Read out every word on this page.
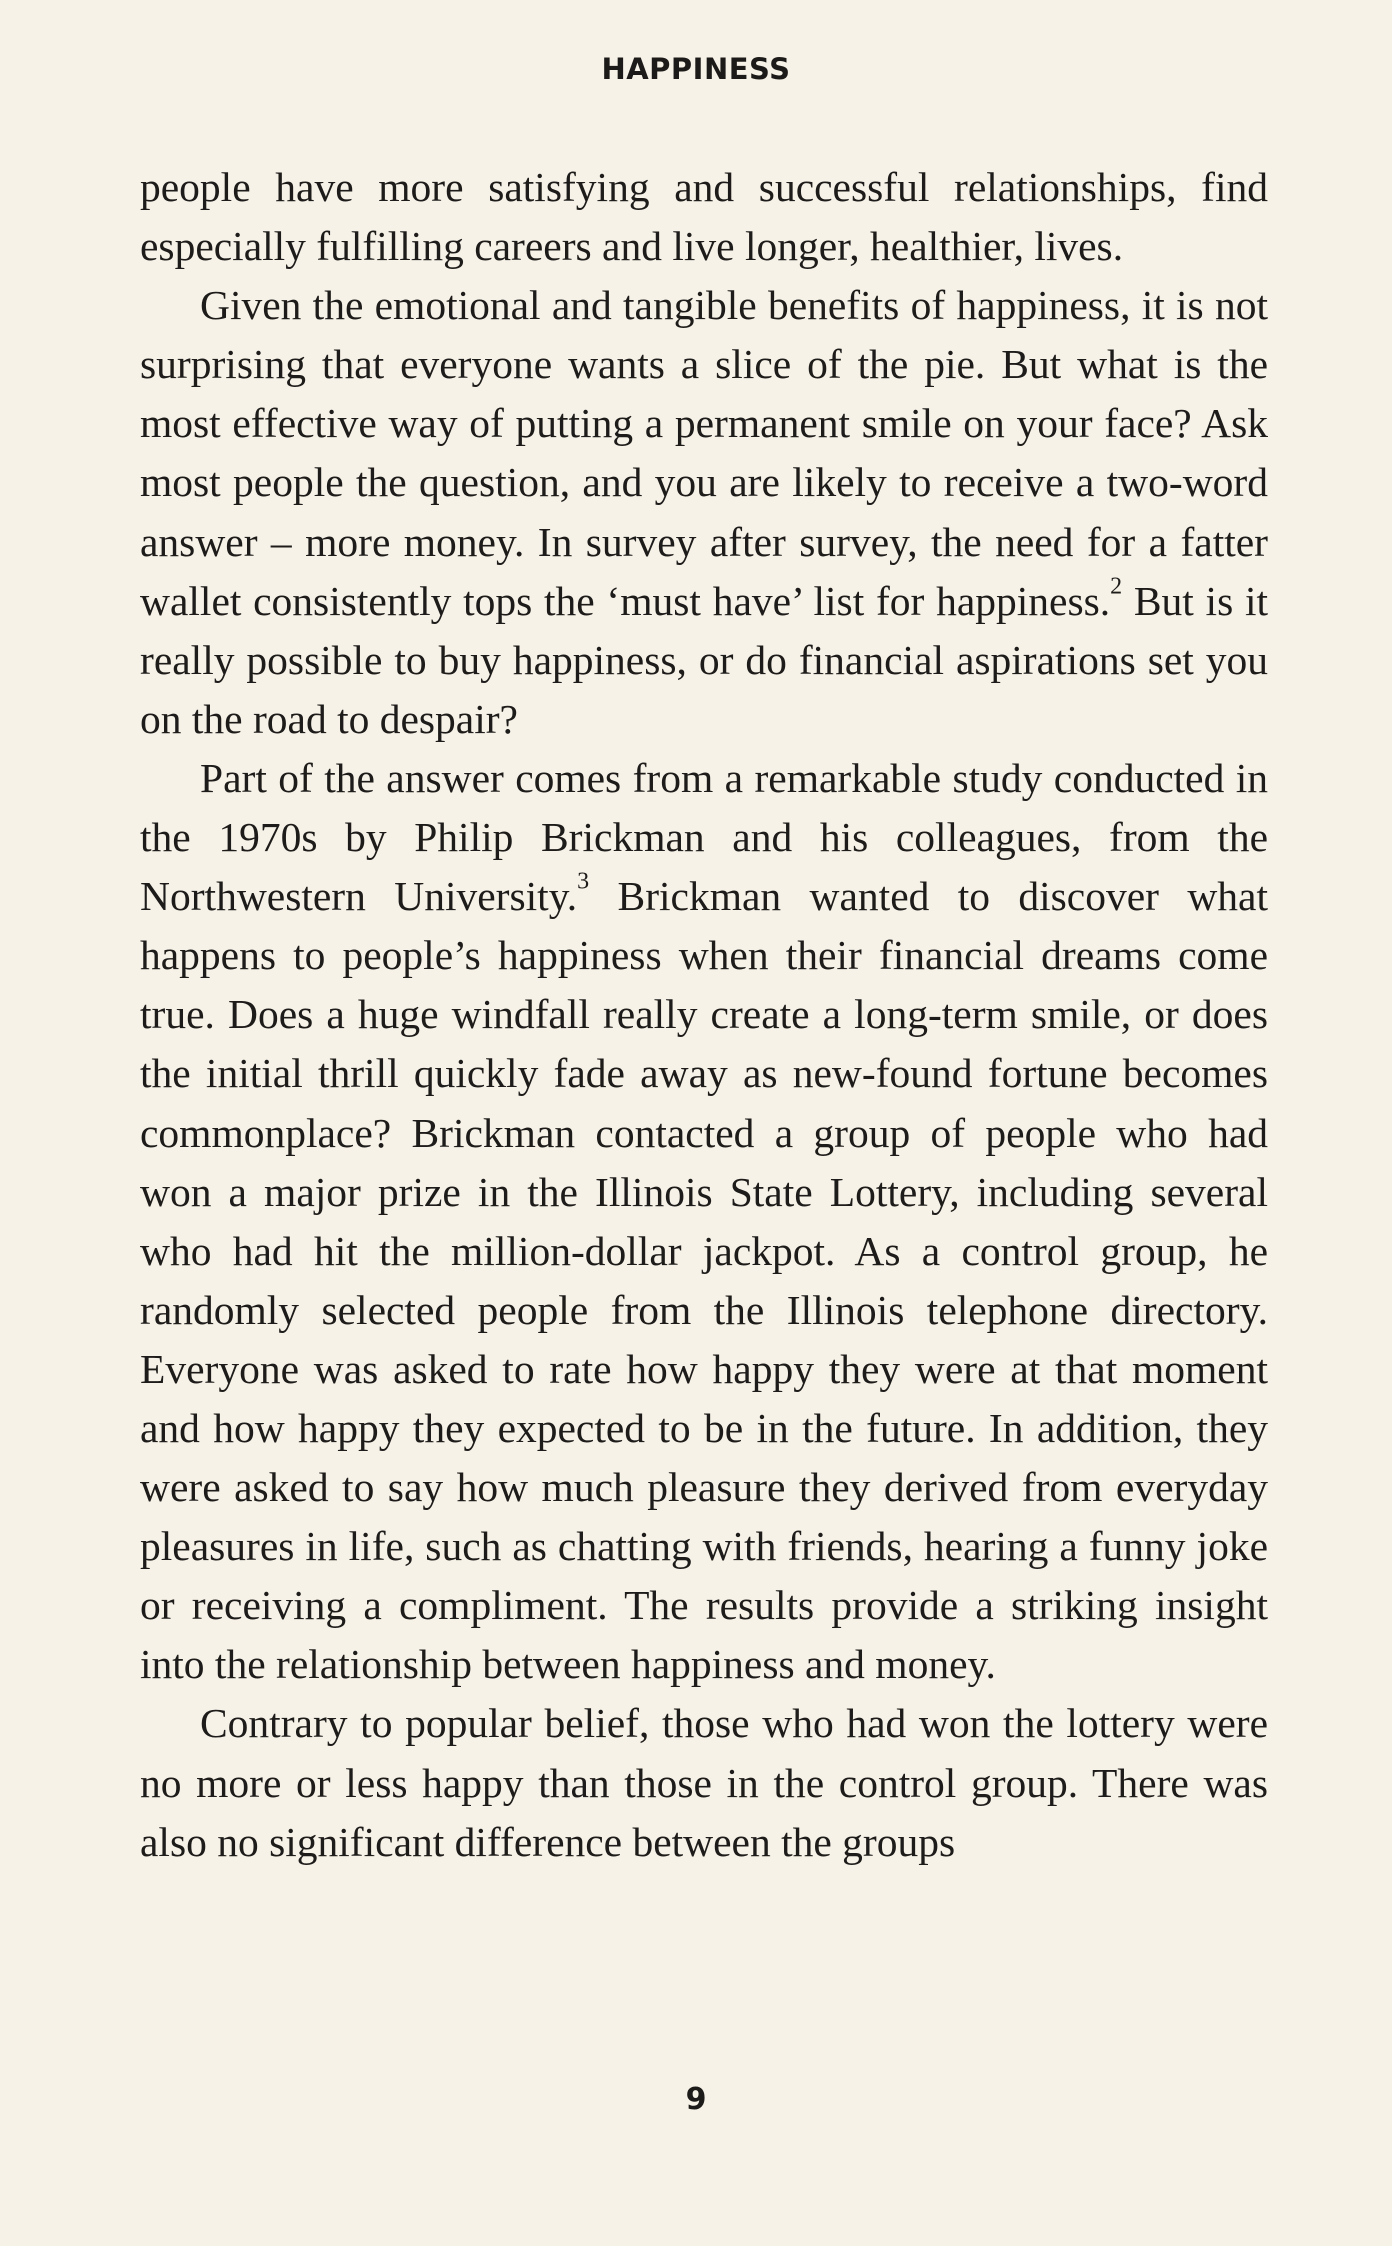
HAPPINESS

people have more satisfying and successful relationships, find especially fulfilling careers and live longer, healthier, lives.

Given the emotional and tangible benefits of happiness, it is not surprising that everyone wants a slice of the pie. But what is the most effective way of putting a permanent smile on your face? Ask most people the question, and you are likely to receive a two-word answer – more money. In survey after survey, the need for a fatter wallet consistently tops the ‘must have’ list for happiness.$^2$ But is it really possible to buy happiness, or do financial aspirations set you on the road to despair?

Part of the answer comes from a remarkable study conducted in the 1970s by Philip Brickman and his colleagues, from the Northwestern University.$^3$ Brickman wanted to discover what happens to people’s happiness when their financial dreams come true. Does a huge windfall really create a long-term smile, or does the initial thrill quickly fade away as new-found fortune becomes commonplace? Brickman contacted a group of people who had won a major prize in the Illinois State Lottery, including several who had hit the million-dollar jackpot. As a control group, he randomly selected people from the Illinois telephone directory. Everyone was asked to rate how happy they were at that moment and how happy they expected to be in the future. In addition, they were asked to say how much pleasure they derived from everyday pleasures in life, such as chatting with friends, hearing a funny joke or receiving a compliment. The results provide a striking insight into the relationship between happiness and money.

Contrary to popular belief, those who had won the lottery were no more or less happy than those in the control group. There was also no significant difference between the groups

9
